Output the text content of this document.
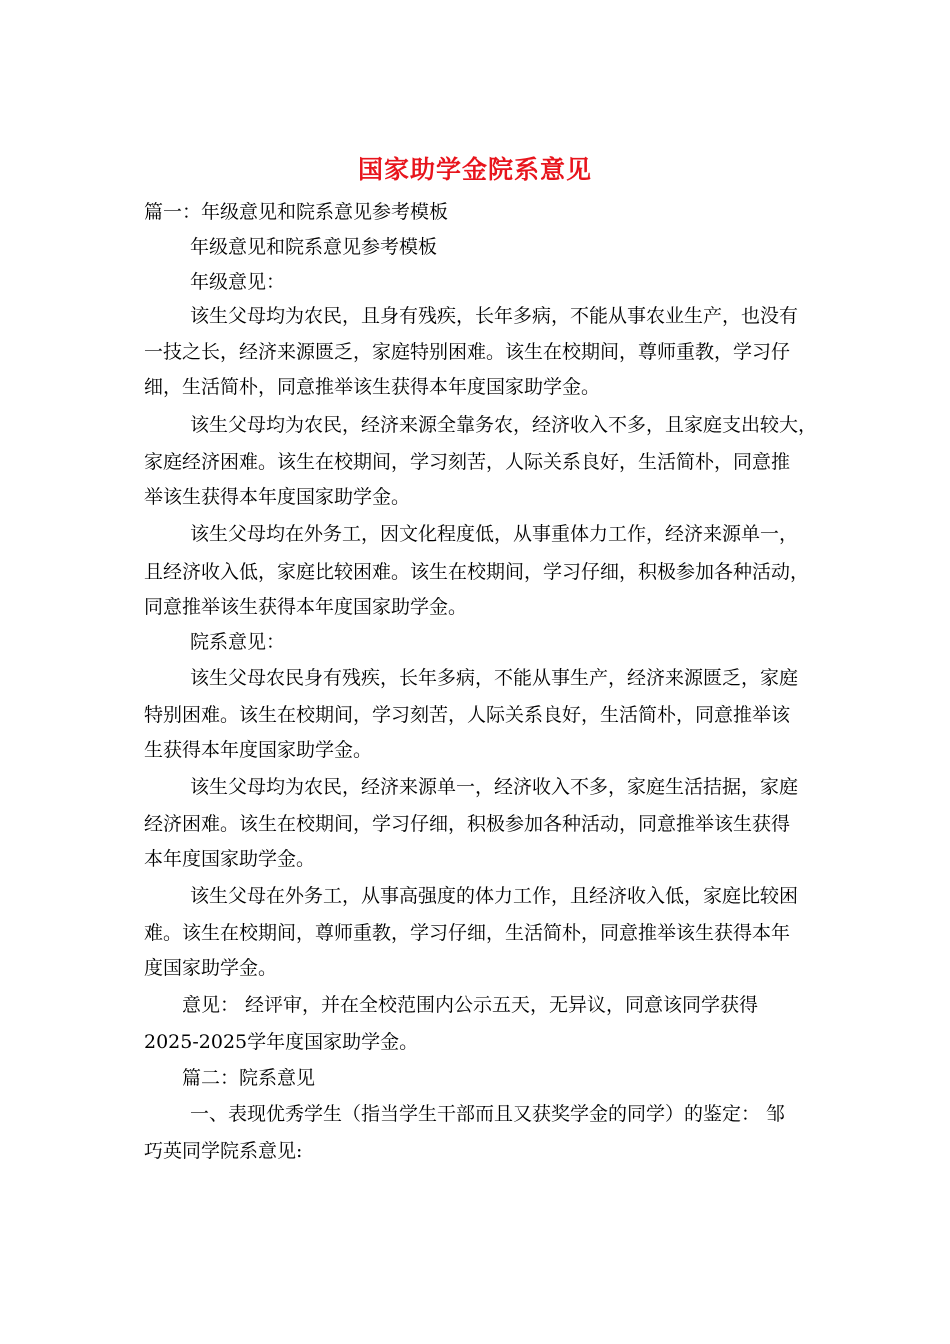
国家助学金院系意见
篇一：年级意见和院系意见参考模板
年级意见和院系意见参考模板
年级意见：
该生父母均为农民，且身有残疾，长年多病，不能从事农业生产，也没有
一技之长，经济来源匮乏，家庭特别困难。该生在校期间，尊师重教，学习仔
细，生活简朴，同意推举该生获得本年度国家助学金。
该生父母均为农民，经济来源全靠务农，经济收入不多，且家庭支出较大，
家庭经济困难。该生在校期间，学习刻苦，人际关系良好，生活简朴，同意推
举该生获得本年度国家助学金。
该生父母均在外务工，因文化程度低，从事重体力工作，经济来源单一，
且经济收入低，家庭比较困难。该生在校期间，学习仔细，积极参加各种活动，
同意推举该生获得本年度国家助学金。
院系意见：
该生父母农民身有残疾，长年多病，不能从事生产，经济来源匮乏，家庭
特别困难。该生在校期间，学习刻苦，人际关系良好，生活简朴，同意推举该
生获得本年度国家助学金。
该生父母均为农民，经济来源单一，经济收入不多，家庭生活拮据，家庭
经济困难。该生在校期间，学习仔细，积极参加各种活动，同意推举该生获得
本年度国家助学金。
该生父母在外务工，从事高强度的体力工作，且经济收入低，家庭比较困
难。该生在校期间，尊师重教，学习仔细，生活简朴，同意推举该生获得本年
度国家助学金。
意见： 经评审，并在全校范围内公示五天，无异议，同意该同学获得
2025-2025学年度国家助学金。
篇二：院系意见
一、表现优秀学生（指当学生干部而且又获奖学金的同学）的鉴定： 邹
巧英同学院系意见:
